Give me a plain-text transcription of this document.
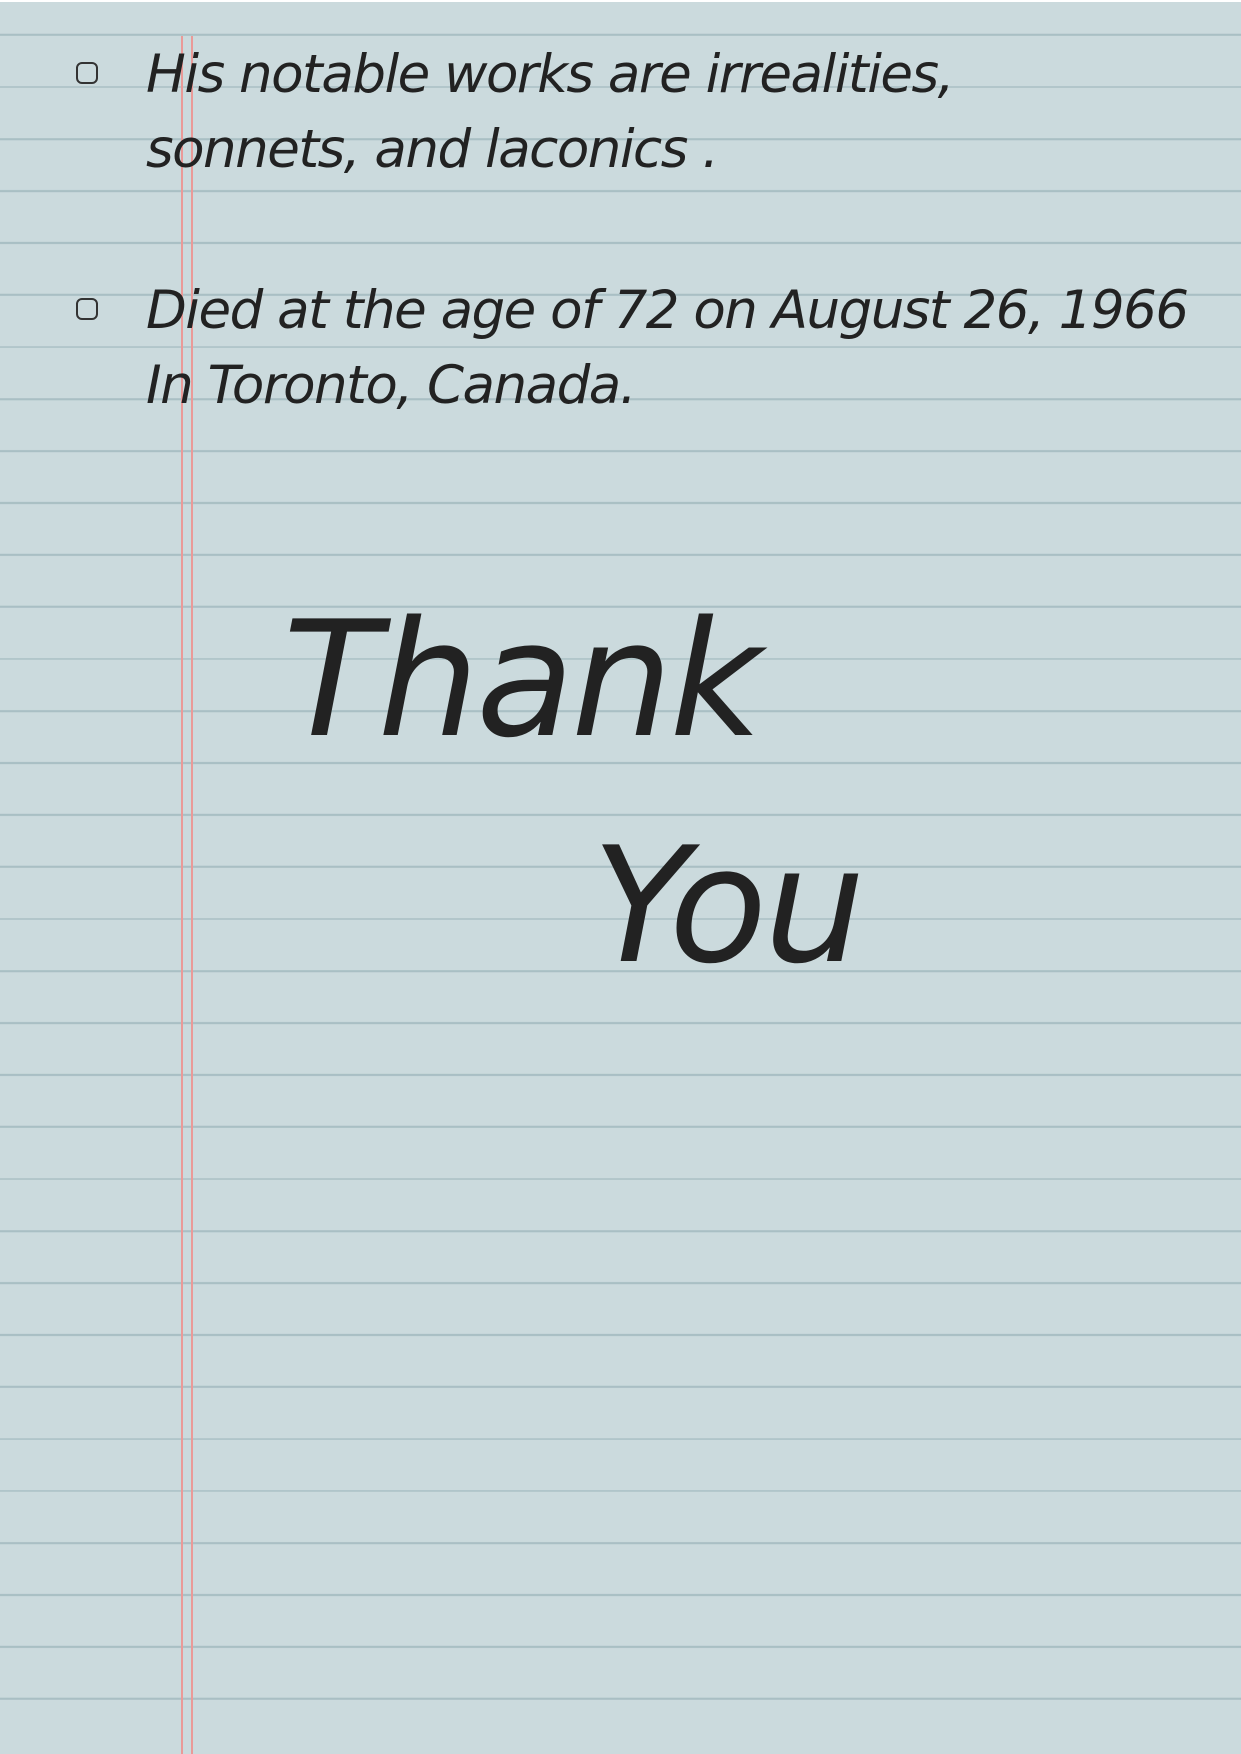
His notable works are irrealities,
sonnets, and laconics .
Died at the age of 72 on August 26, 1966
In Toronto, Canada.
Thank
You
